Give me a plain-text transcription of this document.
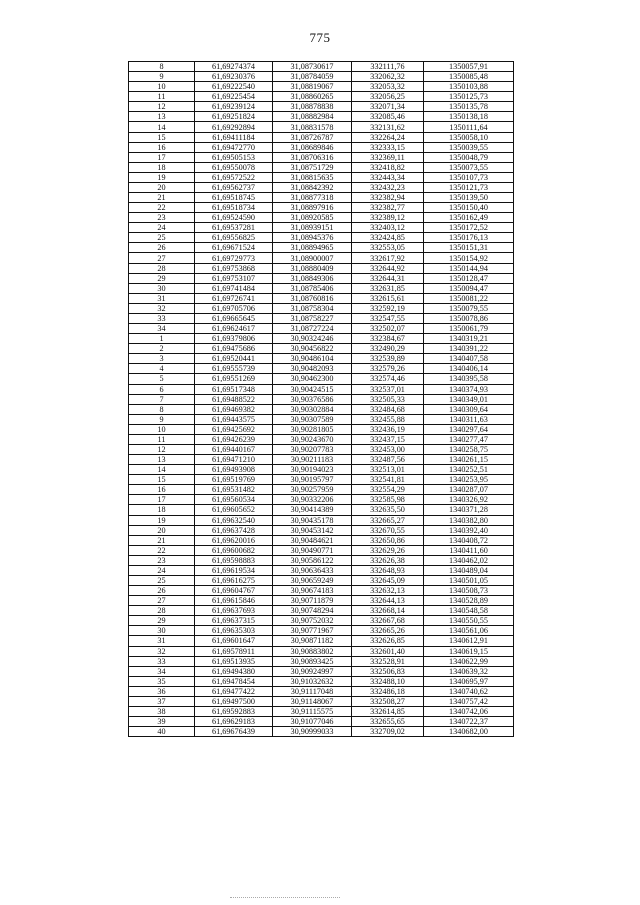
775
8	61,69274374	31,08730617	332111,76	1350057,91
9	61,69230376	31,08784059	332062,32	1350085,48
10	61,69222540	31,08819067	332053,32	1350103,88
11	61,69225454	31,08860265	332056,25	1350125,73
12	61,69239124	31,08878838	332071,34	1350135,78
13	61,69251824	31,08882984	332085,46	1350138,18
14	61,69292894	31,08831578	332131,62	1350111,64
15	61,69411184	31,08726787	332264,24	1350058,10
16	61,69472770	31,08689846	332333,15	1350039,55
17	61,69505153	31,08706316	332369,11	1350048,79
18	61,69550078	31,08751729	332418,82	1350073,55
19	61,69572522	31,08815635	332443,34	1350107,73
20	61,69562737	31,08842392	332432,23	1350121,73
21	61,69518745	31,08877318	332382,94	1350139,50
22	61,69518734	31,08897916	332382,77	1350150,40
23	61,69524590	31,08920585	332389,12	1350162,49
24	61,69537281	31,08939151	332403,12	1350172,52
25	61,69556825	31,08945376	332424,85	1350176,13
26	61,69671524	31,08894965	332553,05	1350151,31
27	61,69729773	31,08900007	332617,92	1350154,92
28	61,69753868	31,08880409	332644,92	1350144,94
29	61,69753107	31,08849306	332644,31	1350128,47
30	61,69741484	31,08785406	332631,85	1350094,47
31	61,69726741	31,08760816	332615,61	1350081,22
32	61,69705706	31,08758304	332592,19	1350079,55
33	61,69665645	31,08758227	332547,55	1350078,86
34	61,69624617	31,08727224	332502,07	1350061,79
1	61,69379806	30,90324246	332384,67	1340319,21
2	61,69475686	30,90456822	332490,29	1340391,22
3	61,69520441	30,90486104	332539,89	1340407,58
4	61,69555739	30,90482093	332579,26	1340406,14
5	61,69551269	30,90462300	332574,46	1340395,58
6	61,69517348	30,90424515	332537,01	1340374,93
7	61,69488522	30,90376586	332505,33	1340349,01
8	61,69469382	30,90302884	332484,68	1340309,64
9	61,69443575	30,90307589	332455,88	1340311,63
10	61,69425692	30,90281805	332436,19	1340297,64
11	61,69426239	30,90243670	332437,15	1340277,47
12	61,69440167	30,90207783	332453,00	1340258,75
13	61,69471210	30,90211183	332487,56	1340261,15
14	61,69493908	30,90194023	332513,01	1340252,51
15	61,69519769	30,90195797	332541,81	1340253,95
16	61,69531482	30,90257959	332554,29	1340287,07
17	61,69560534	30,90332206	332585,98	1340326,92
18	61,69605652	30,90414389	332635,50	1340371,28
19	61,69632540	30,90435178	332665,27	1340382,80
20	61,69637428	30,90453142	332670,55	1340392,40
21	61,69620016	30,90484621	332650,86	1340408,72
22	61,69600682	30,90490771	332629,26	1340411,60
23	61,69598883	30,90586122	332626,38	1340462,02
24	61,69619534	30,90636433	332648,93	1340489,04
25	61,69616275	30,90659249	332645,09	1340501,05
26	61,69604767	30,90674183	332632,13	1340508,73
27	61,69615846	30,90711879	332644,13	1340528,89
28	61,69637693	30,90748294	332668,14	1340548,58
29	61,69637315	30,90752032	332667,68	1340550,55
30	61,69635303	30,90771967	332665,26	1340561,06
31	61,69601647	30,90871182	332626,85	1340612,91
32	61,69578911	30,90883802	332601,40	1340619,15
33	61,69513935	30,90893425	332528,91	1340622,99
34	61,69494380	30,90924997	332506,83	1340639,32
35	61,69478454	30,91032632	332488,10	1340695,97
36	61,69477422	30,91117048	332486,18	1340740,62
37	61,69497500	30,91148067	332508,27	1340757,42
38	61,69592883	30,91115575	332614,85	1340742,06
39	61,69629183	30,91077046	332655,65	1340722,37
40	61,69676439	30,90999033	332709,02	1340682,00
